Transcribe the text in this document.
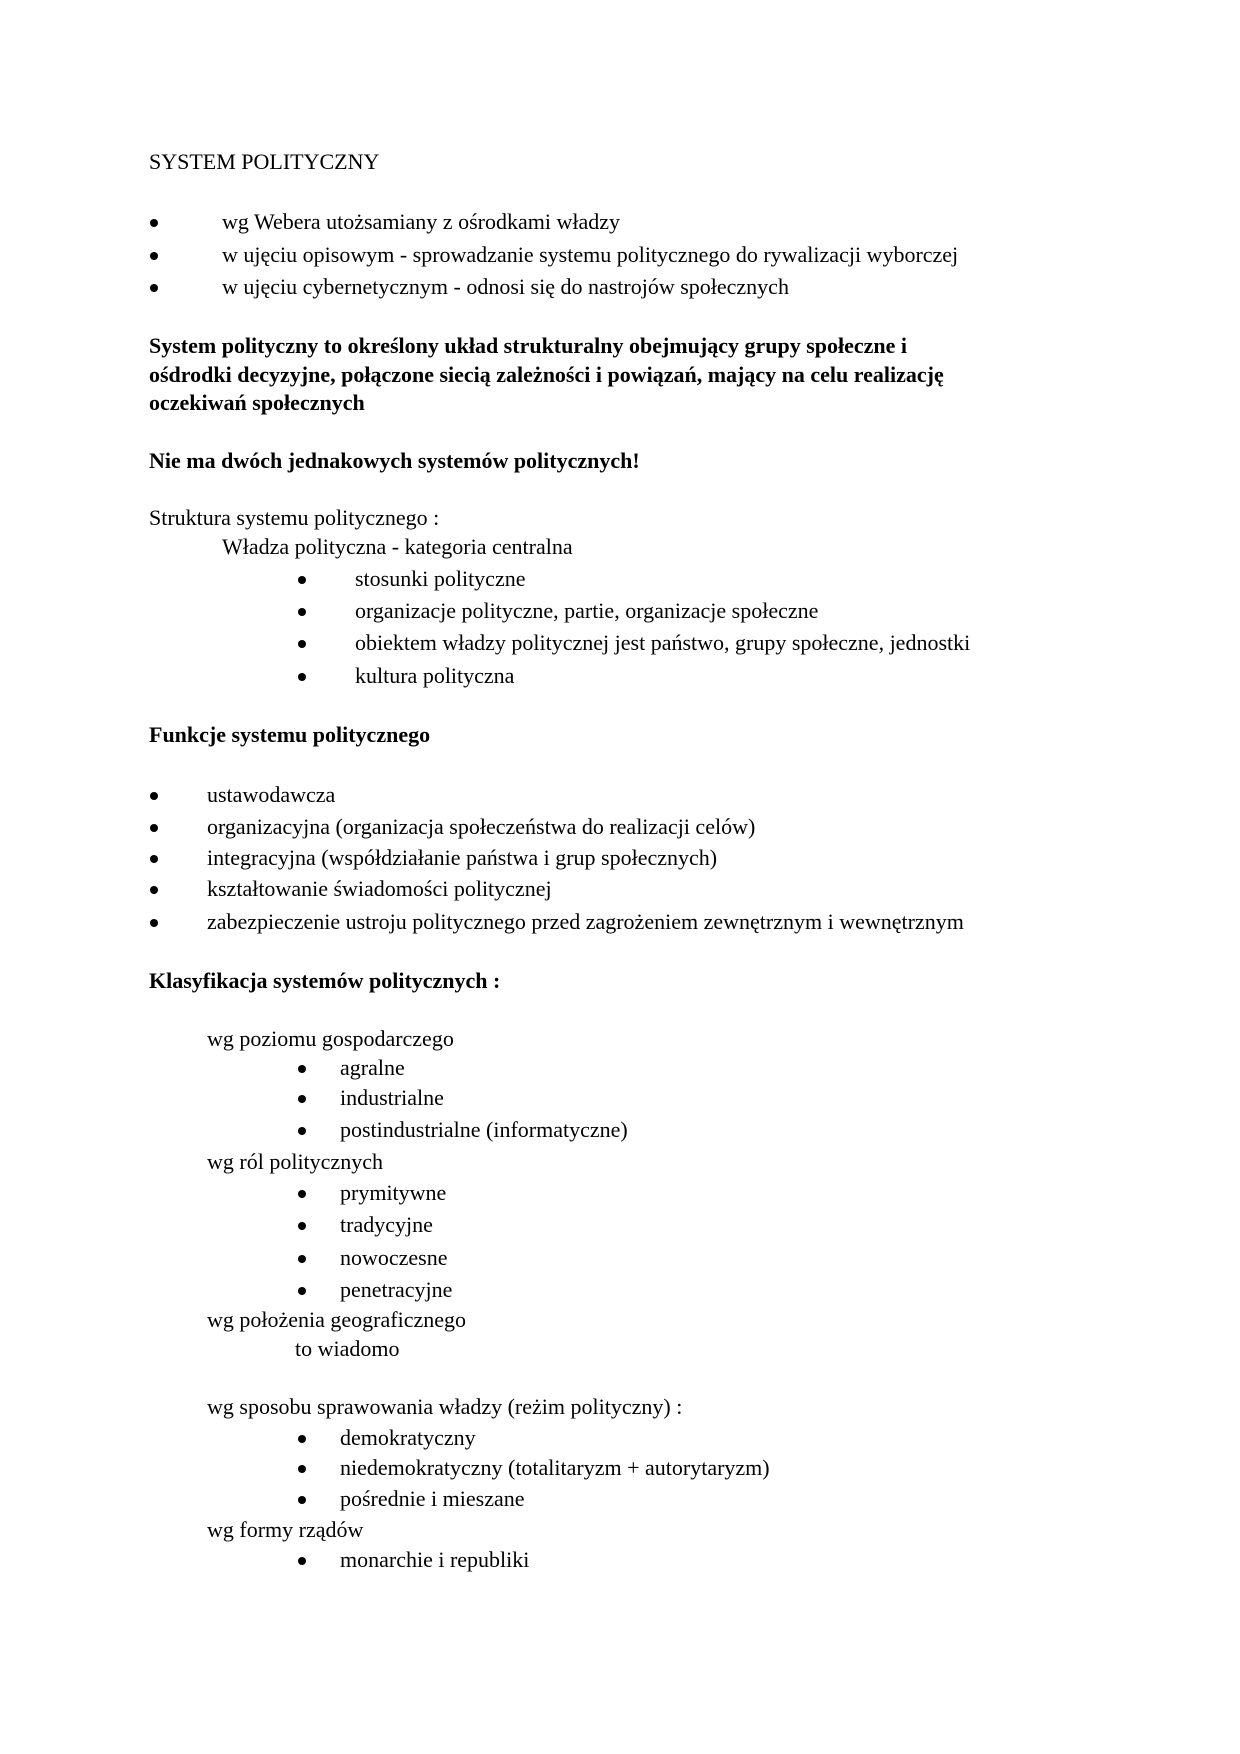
SYSTEM POLITYCZNY
wg Webera utożsamiany z ośrodkami władzy
w ujęciu opisowym - sprowadzanie systemu politycznego do rywalizacji wyborczej
w ujęciu cybernetycznym - odnosi się do nastrojów społecznych
System polityczny to określony układ strukturalny obejmujący grupy społeczne i
ośdrodki decyzyjne, połączone siecią zależności i powiązań, mający na celu realizację
oczekiwań społecznych
Nie ma dwóch jednakowych systemów politycznych!
Struktura systemu politycznego :
Władza polityczna - kategoria centralna
stosunki polityczne
organizacje polityczne, partie, organizacje społeczne
obiektem władzy politycznej jest państwo, grupy społeczne, jednostki
kultura polityczna
Funkcje systemu politycznego
ustawodawcza
organizacyjna (organizacja społeczeństwa do realizacji celów)
integracyjna (współdziałanie państwa i grup społecznych)
kształtowanie świadomości politycznej
zabezpieczenie ustroju politycznego przed zagrożeniem zewnętrznym i wewnętrznym
Klasyfikacja systemów politycznych :
wg poziomu gospodarczego
agralne
industrialne
postindustrialne (informatyczne)
wg ról politycznych
prymitywne
tradycyjne
nowoczesne
penetracyjne
wg położenia geograficznego
to wiadomo
wg sposobu sprawowania władzy (reżim polityczny) :
demokratyczny
niedemokratyczny (totalitaryzm + autorytaryzm)
pośrednie i mieszane
wg formy rządów
monarchie i republiki
